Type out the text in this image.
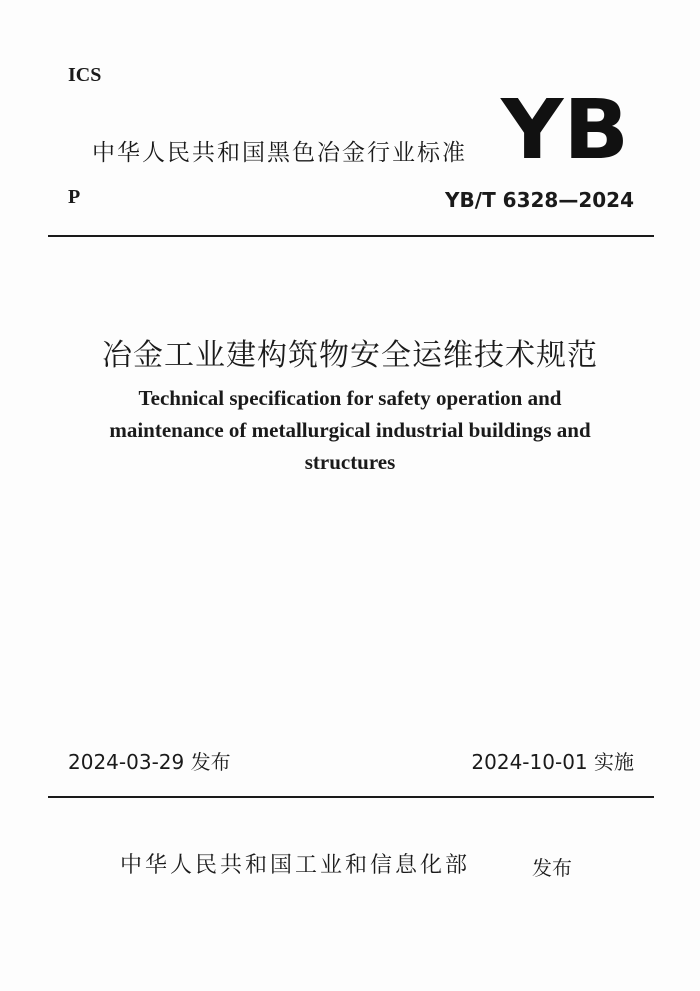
ICS

中华人民共和国黑色冶金行业标准 YB

P	YB/T 6328—2024

冶金工业建构筑物安全运维技术规范

Technical specification for safety operation and maintenance of metallurgical industrial buildings and structures

2024-03-29 发布	2024-10-01 实施

中华人民共和国工业和信息化部	发布
